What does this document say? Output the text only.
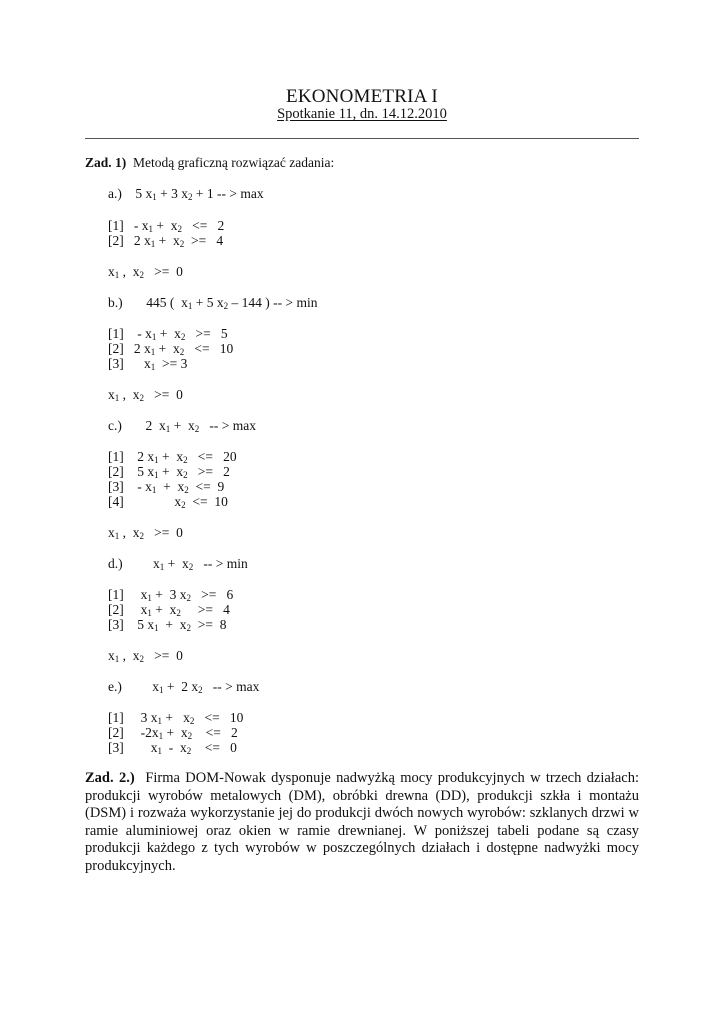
EKONOMETRIA I
Spotkanie 11, dn. 14.12.2010
Zad. 1) Metodą graficzną rozwiązać zadania:
a.)    5 $x_1 + 3$ $x_2 + 1$ -- > max
$[1] - x_1 + x_2 <= 2$
[2]   2 $x_1 + x_2 >= 4$
$x_1$ ,  $x_2 >= 0$
b.)       445 (  $x_1 + 5$ $x_2 - 144$ ) -- > min
[1]    - $x_1 + x_2 >= 5$
[2]   2 $x_1 + x_2 <= 10$
[3]      $x_1 >= 3$
$x_1$ ,  $x_2 >= 0$
c.)       2  $x_1 + x_2$   -- > max
[1]    2 $x_1 + x_2 <= 20$
[2]    5 $x_1 + x_2 >= 2$
[3]    - $x_1 + x_2 <= 9$
[4]               $x_2 <= 10$
$x_1$ ,  $x_2 >= 0$
d.)         $x_1 + x_2$   -- > min
[1]     $x_1 + 3$ $x_2 >= 6$
[2]     $x_1 + x_2$     >=   4
[3]    5 $x_1 + x_2 >= 8$
$x_1$ ,  $x_2 >= 0$
e.)         $x_1 + 2$ $x_2$   -- > max
[1]     3 $x_1 + x_2 <= 10$
[2]     $-2x_1 + x_2$    <=   2
[3]        $x_1 - x_2$    <=   0
Zad. 2.) Firma DOM-Nowak dysponuje nadwyżką mocy produkcyjnych w trzech działach: produkcji wyrobów metalowych (DM), obróbki drewna (DD), produkcji szkła i montażu (DSM) i rozważa wykorzystanie jej do produkcji dwóch nowych wyrobów: szklanych drzwi w ramie aluminiowej oraz okien w ramie drewnianej. W poniższej tabeli podane są czasy produkcji każdego z tych wyrobów w poszczególnych działach i dostępne nadwyżki mocy produkcyjnych.
